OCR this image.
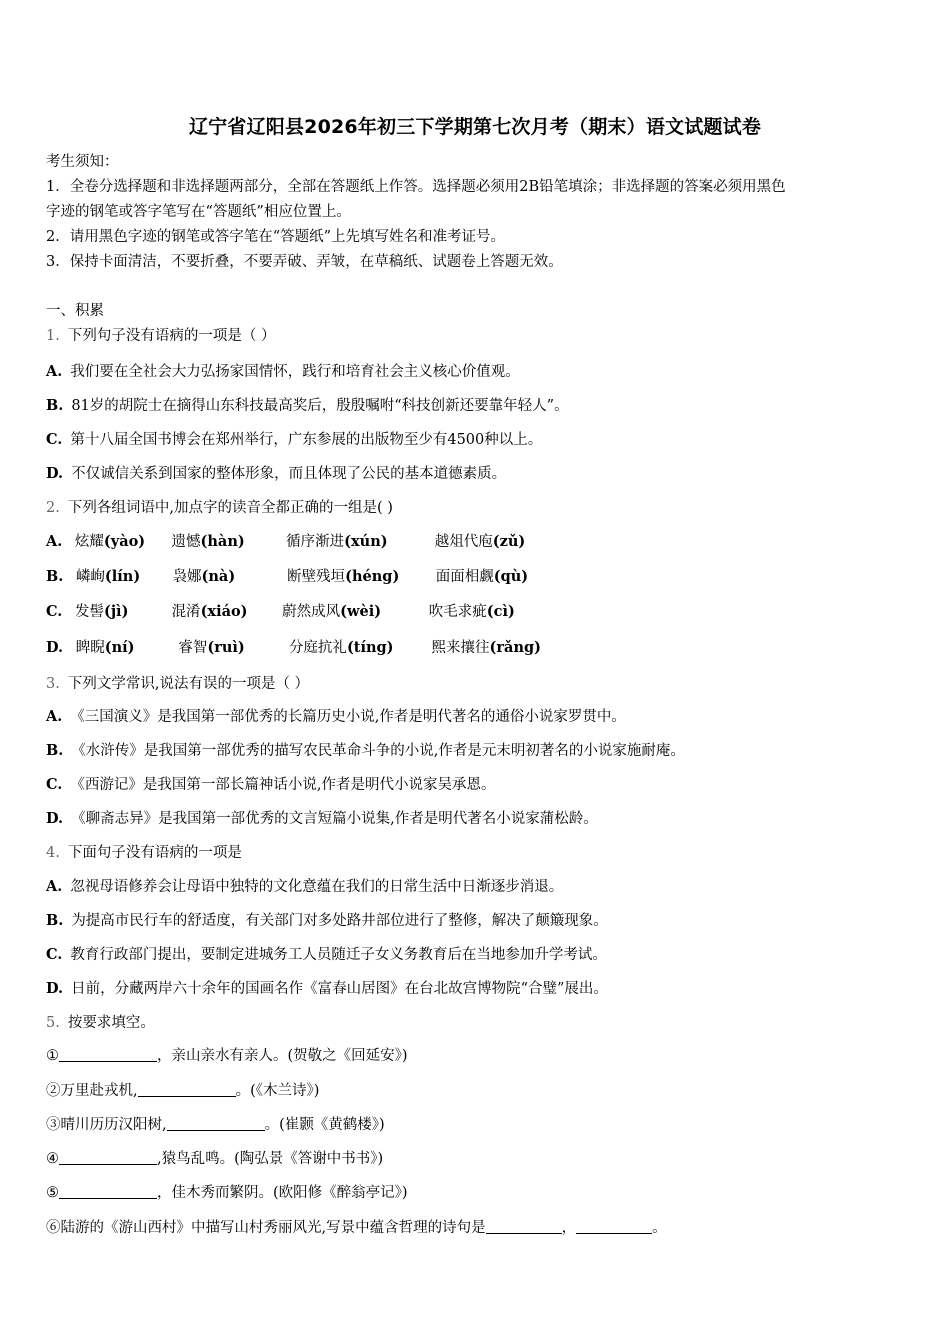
辽宁省辽阳县2026年初三下学期第七次月考（期末）语文试题试卷
考生须知：
1．全卷分选择题和非选择题两部分，全部在答题纸上作答。选择题必须用2B铅笔填涂；非选择题的答案必须用黑色
字迹的钢笔或答字笔写在“答题纸”相应位置上。
2．请用黑色字迹的钢笔或答字笔在“答题纸”上先填写姓名和准考证号。
3．保持卡面清洁，不要折叠，不要弄破、弄皱，在草稿纸、试题卷上答题无效。
一、积累
1. 下列句子没有语病的一项是（ ）
A. 我们要在全社会大力弘扬家国情怀，践行和培育社会主义核心价值观。
B. 81岁的胡院士在摘得山东科技最高奖后，殷殷嘱咐“科技创新还要靠年轻人”。
C. 第十八届全国书博会在郑州举行，广东参展的出版物至少有4500种以上。
D. 不仅诚信关系到国家的整体形象，而且体现了公民的基本道德素质。
2. 下列各组词语中,加点字的读音全都正确的一组是( )
A. 炫耀(yào) 遗憾(hàn)	循序渐进(xún)	越俎代庖(zǔ)
B. 嶙峋(lín) 袅娜(nà)	断壁残垣(héng)	面面相觑(qù)
C. 发髻(jì)	混淆(xiáo) 蔚然成风(wèi)	吹毛求疵(cì)
D. 睥睨(ní)	睿智(ruì)	分庭抗礼(tíng)	熙来攘往(rǎng)
3. 下列文学常识,说法有误的一项是（ ）
A. 《三国演义》是我国第一部优秀的长篇历史小说,作者是明代著名的通俗小说家罗贯中。
B. 《水浒传》是我国第一部优秀的描写农民革命斗争的小说,作者是元末明初著名的小说家施耐庵。
C. 《西游记》是我国第一部长篇神话小说,作者是明代小说家吴承恩。
D. 《聊斋志异》是我国第一部优秀的文言短篇小说集,作者是明代著名小说家蒲松龄。
4. 下面句子没有语病的一项是
A. 忽视母语修养会让母语中独特的文化意蕴在我们的日常生活中日渐逐步消退。
B. 为提高市民行车的舒适度，有关部门对多处路井部位进行了整修，解决了颠簸现象。
C. 教育行政部门提出，要制定进城务工人员随迁子女义务教育后在当地参加升学考试。
D. 日前，分藏两岸六十余年的国画名作《富春山居图》在台北故宫博物院“合璧”展出。
5. 按要求填空。
①	，亲山亲水有亲人。(贺敬之《回延安》)
②万里赴戎机,	。(《木兰诗》)
③晴川历历汉阳树,	。(崔颢《黄鹤楼》)
④	,猿鸟乱鸣。(陶弘景《答谢中书书》)
⑤	，佳木秀而繁阴。(欧阳修《醉翁亭记》)
⑥陆游的《游山西村》中描写山村秀丽风光,写景中蕴含哲理的诗句是	，	。
